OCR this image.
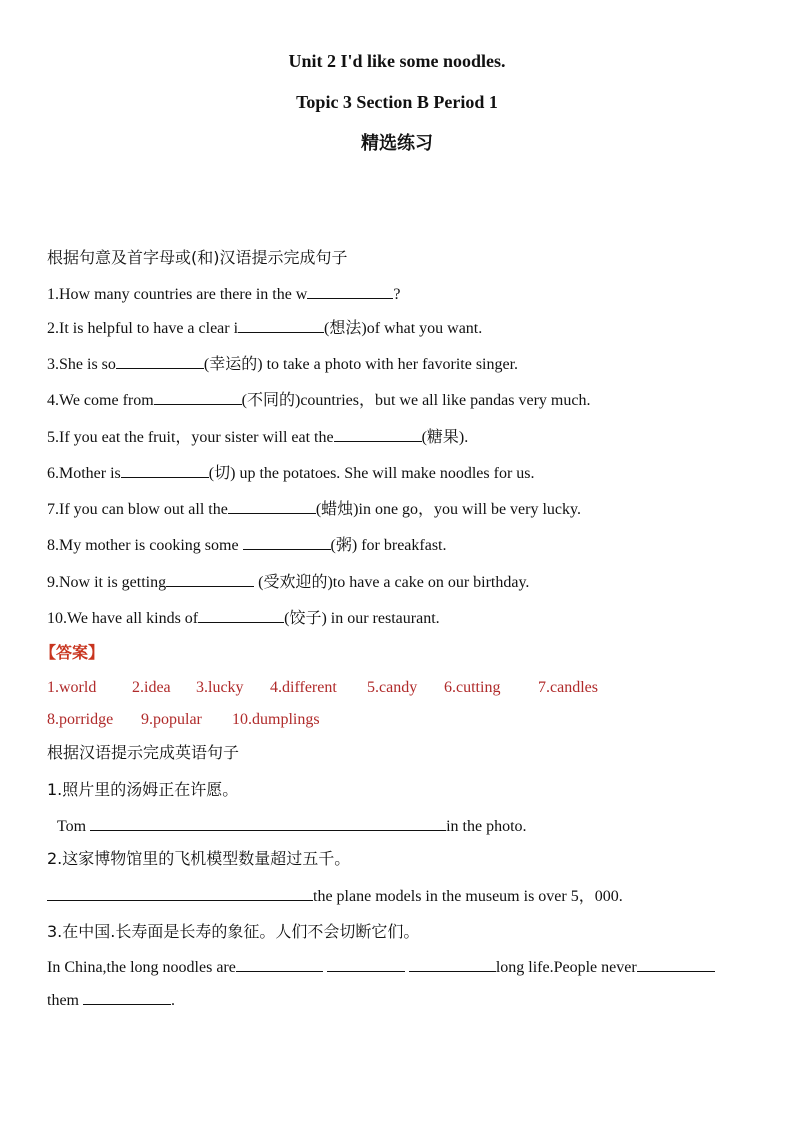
Unit 2 I'd like some noodles.
Topic 3 Section B Period 1
精选练习
根据句意及首字母或(和)汉语提示完成句子
1.How many countries are there in the w	?
2.It is helpful to have a clear i	(想法)of what you want.
3.She is so	(幸运的) to take a photo with her favorite singer.
4.We come from	(不同的)countries，but we all like pandas very much.
5.If you eat the fruit，your sister will eat the	(糖果).
6.Mother is	(切) up the potatoes. She will make noodles for us.
7.If you can blow out all the	(蜡烛)in one go，you will be very lucky.
8.My mother is cooking some	(粥) for breakfast.
9.Now it is getting	(受欢迎的)to have a cake on our birthday.
10.We have all kinds of	(饺子) in our restaurant.
【答案】
1.world 2.idea 3.lucky 4.different 5.candy 6.cutting 7.candles
8.porridge 9.popular 10.dumplings
根据汉语提示完成英语句子
1.照片里的汤姆正在许愿。
Tom	in the photo.
2.这家博物馆里的飞机模型数量超过五千。
the plane models in the museum is over 5，000.
3.在中国.长寿面是长寿的象征。人们不会切断它们。
In China,the long noodles are	long life.People never
them	.
